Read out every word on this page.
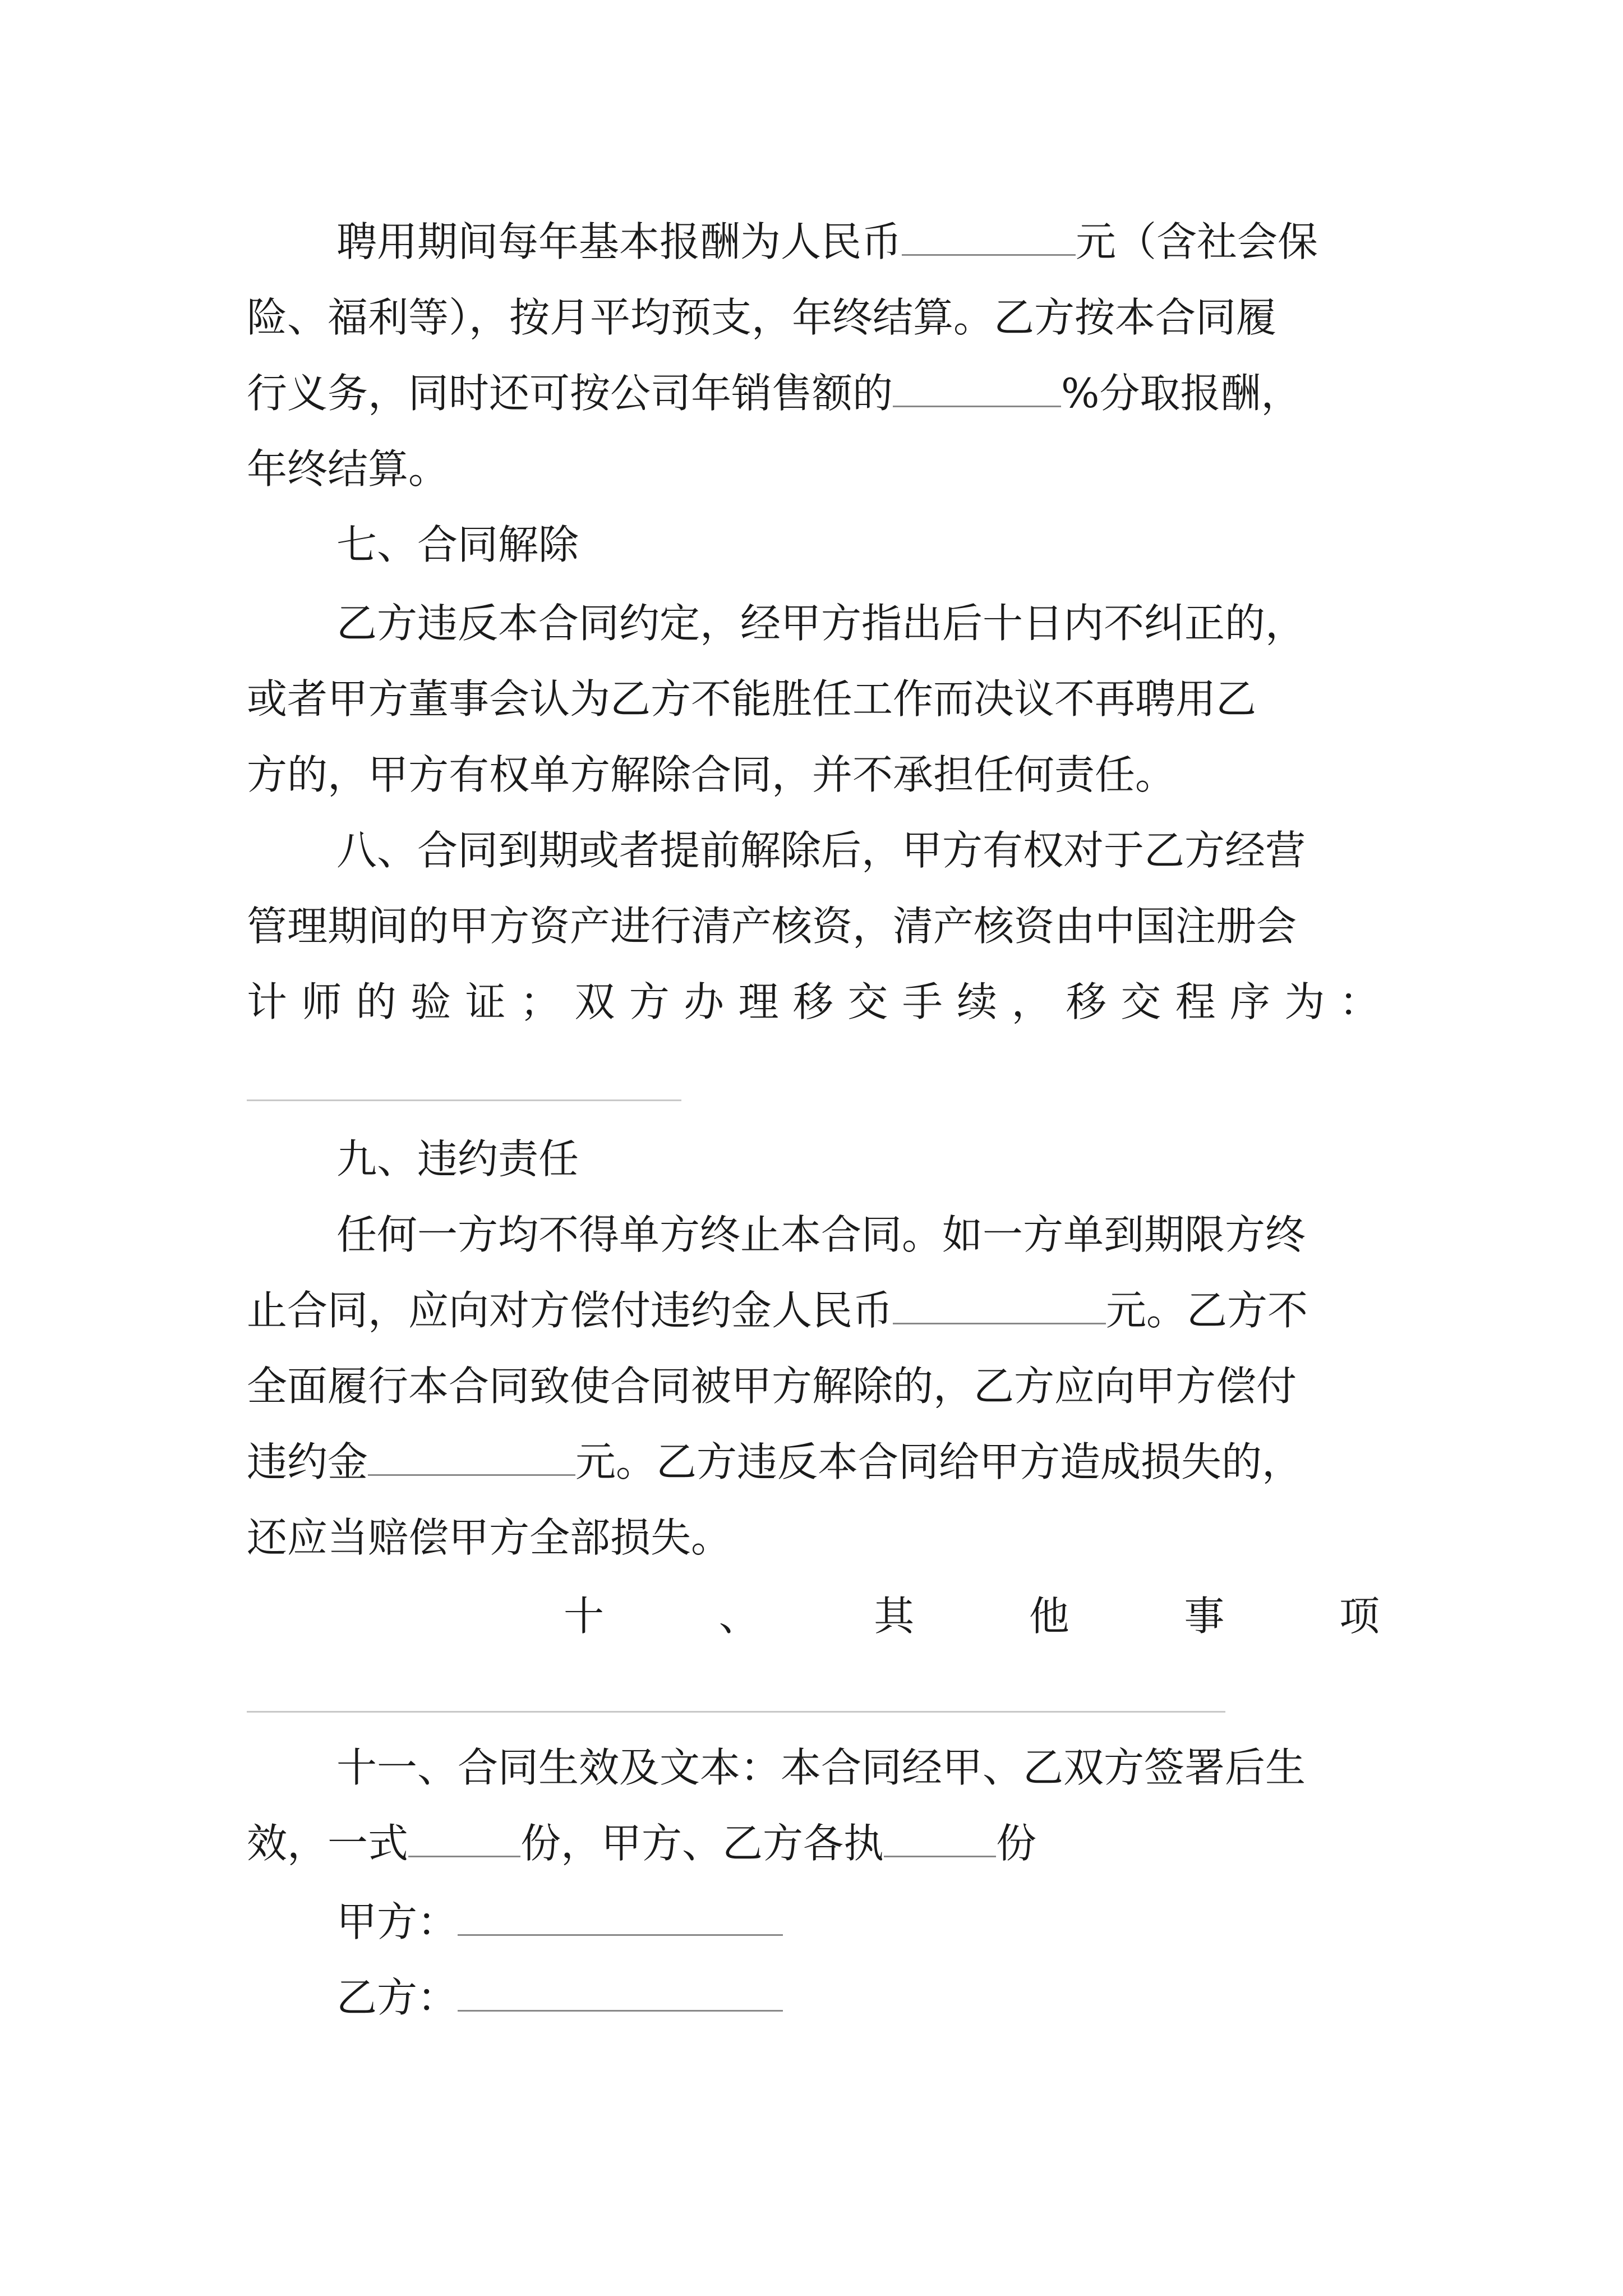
聘用期间每年基本报酬为人民币	元（含社会保
险、福利等），按月平均预支，年终结算。乙方按本合同履
行义务，同时还可按公司年销售额的	%分取报酬，
年终结算。
七、合同解除
乙方违反本合同约定，经甲方指出后十日内不纠正的，
或者甲方董事会认为乙方不能胜任工作而决议不再聘用乙
方的，甲方有权单方解除合同，并不承担任何责任。
八、合同到期或者提前解除后，甲方有权对于乙方经营
管理期间的甲方资产进行清产核资，清产核资由中国注册会
计 师 的 验 证 ； 双 方 办 理 移 交 手 续 ， 移 交 程 序 为 ：
九、违约责任
任何一方均不得单方终止本合同。如一方单到期限方终
止合同，应向对方偿付违约金人民币	元。乙方不
全面履行本合同致使合同被甲方解除的，乙方应向甲方偿付
违约金	元。乙方违反本合同给甲方造成损失的，
还应当赔偿甲方全部损失。
十	、	其	他	事	项
十一、合同生效及文本：本合同经甲、乙双方签署后生
效，一式	份，甲方、乙方各执	份
甲方：
乙方：
